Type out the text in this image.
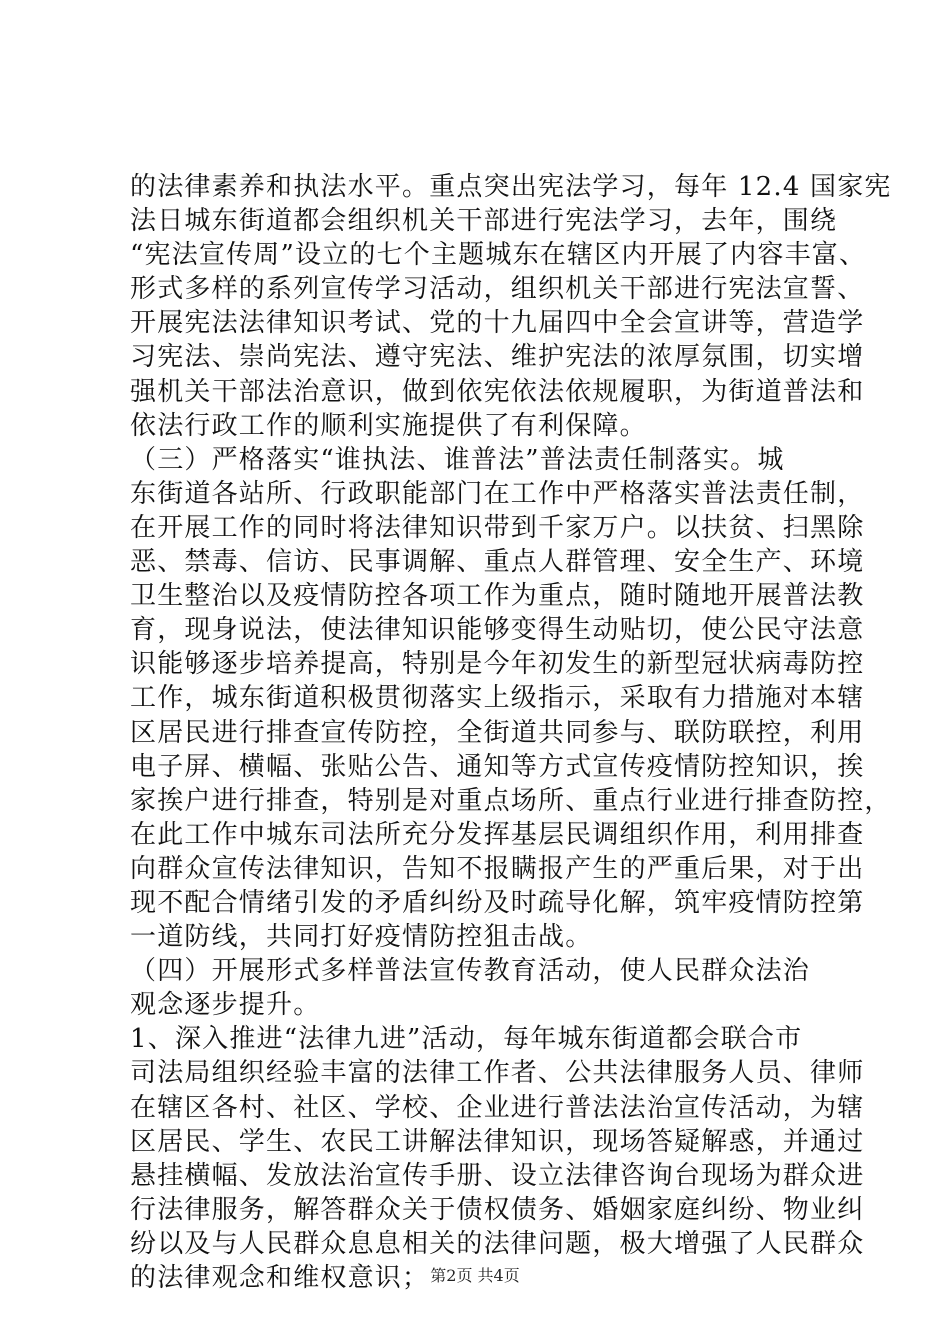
的法律素养和执法水平。重点突出宪法学习，每年 12.4 国家宪
法日城东街道都会组织机关干部进行宪法学习，去年，围绕
“宪法宣传周”设立的七个主题城东在辖区内开展了内容丰富、
形式多样的系列宣传学习活动，组织机关干部进行宪法宣誓、
开展宪法法律知识考试、党的十九届四中全会宣讲等，营造学
习宪法、崇尚宪法、遵守宪法、维护宪法的浓厚氛围，切实增
强机关干部法治意识，做到依宪依法依规履职，为街道普法和
依法行政工作的顺利实施提供了有利保障。
（三）严格落实“谁执法、谁普法”普法责任制落实。城
东街道各站所、行政职能部门在工作中严格落实普法责任制，
在开展工作的同时将法律知识带到千家万户。以扶贫、扫黑除
恶、禁毒、信访、民事调解、重点人群管理、安全生产、环境
卫生整治以及疫情防控各项工作为重点，随时随地开展普法教
育，现身说法，使法律知识能够变得生动贴切，使公民守法意
识能够逐步培养提高，特别是今年初发生的新型冠状病毒防控
工作，城东街道积极贯彻落实上级指示，采取有力措施对本辖
区居民进行排查宣传防控，全街道共同参与、联防联控，利用
电子屏、横幅、张贴公告、通知等方式宣传疫情防控知识，挨
家挨户进行排查，特别是对重点场所、重点行业进行排查防控，
在此工作中城东司法所充分发挥基层民调组织作用，利用排查
向群众宣传法律知识，告知不报瞒报产生的严重后果，对于出
现不配合情绪引发的矛盾纠纷及时疏导化解，筑牢疫情防控第
一道防线，共同打好疫情防控狙击战。
（四）开展形式多样普法宣传教育活动，使人民群众法治
观念逐步提升。
1、深入推进“法律九进”活动，每年城东街道都会联合市
司法局组织经验丰富的法律工作者、公共法律服务人员、律师
在辖区各村、社区、学校、企业进行普法法治宣传活动，为辖
区居民、学生、农民工讲解法律知识，现场答疑解惑，并通过
悬挂横幅、发放法治宣传手册、设立法律咨询台现场为群众进
行法律服务，解答群众关于债权债务、婚姻家庭纠纷、物业纠
纷以及与人民群众息息相关的法律问题，极大增强了人民群众
的法律观念和维权意识； 第2页 共4页
